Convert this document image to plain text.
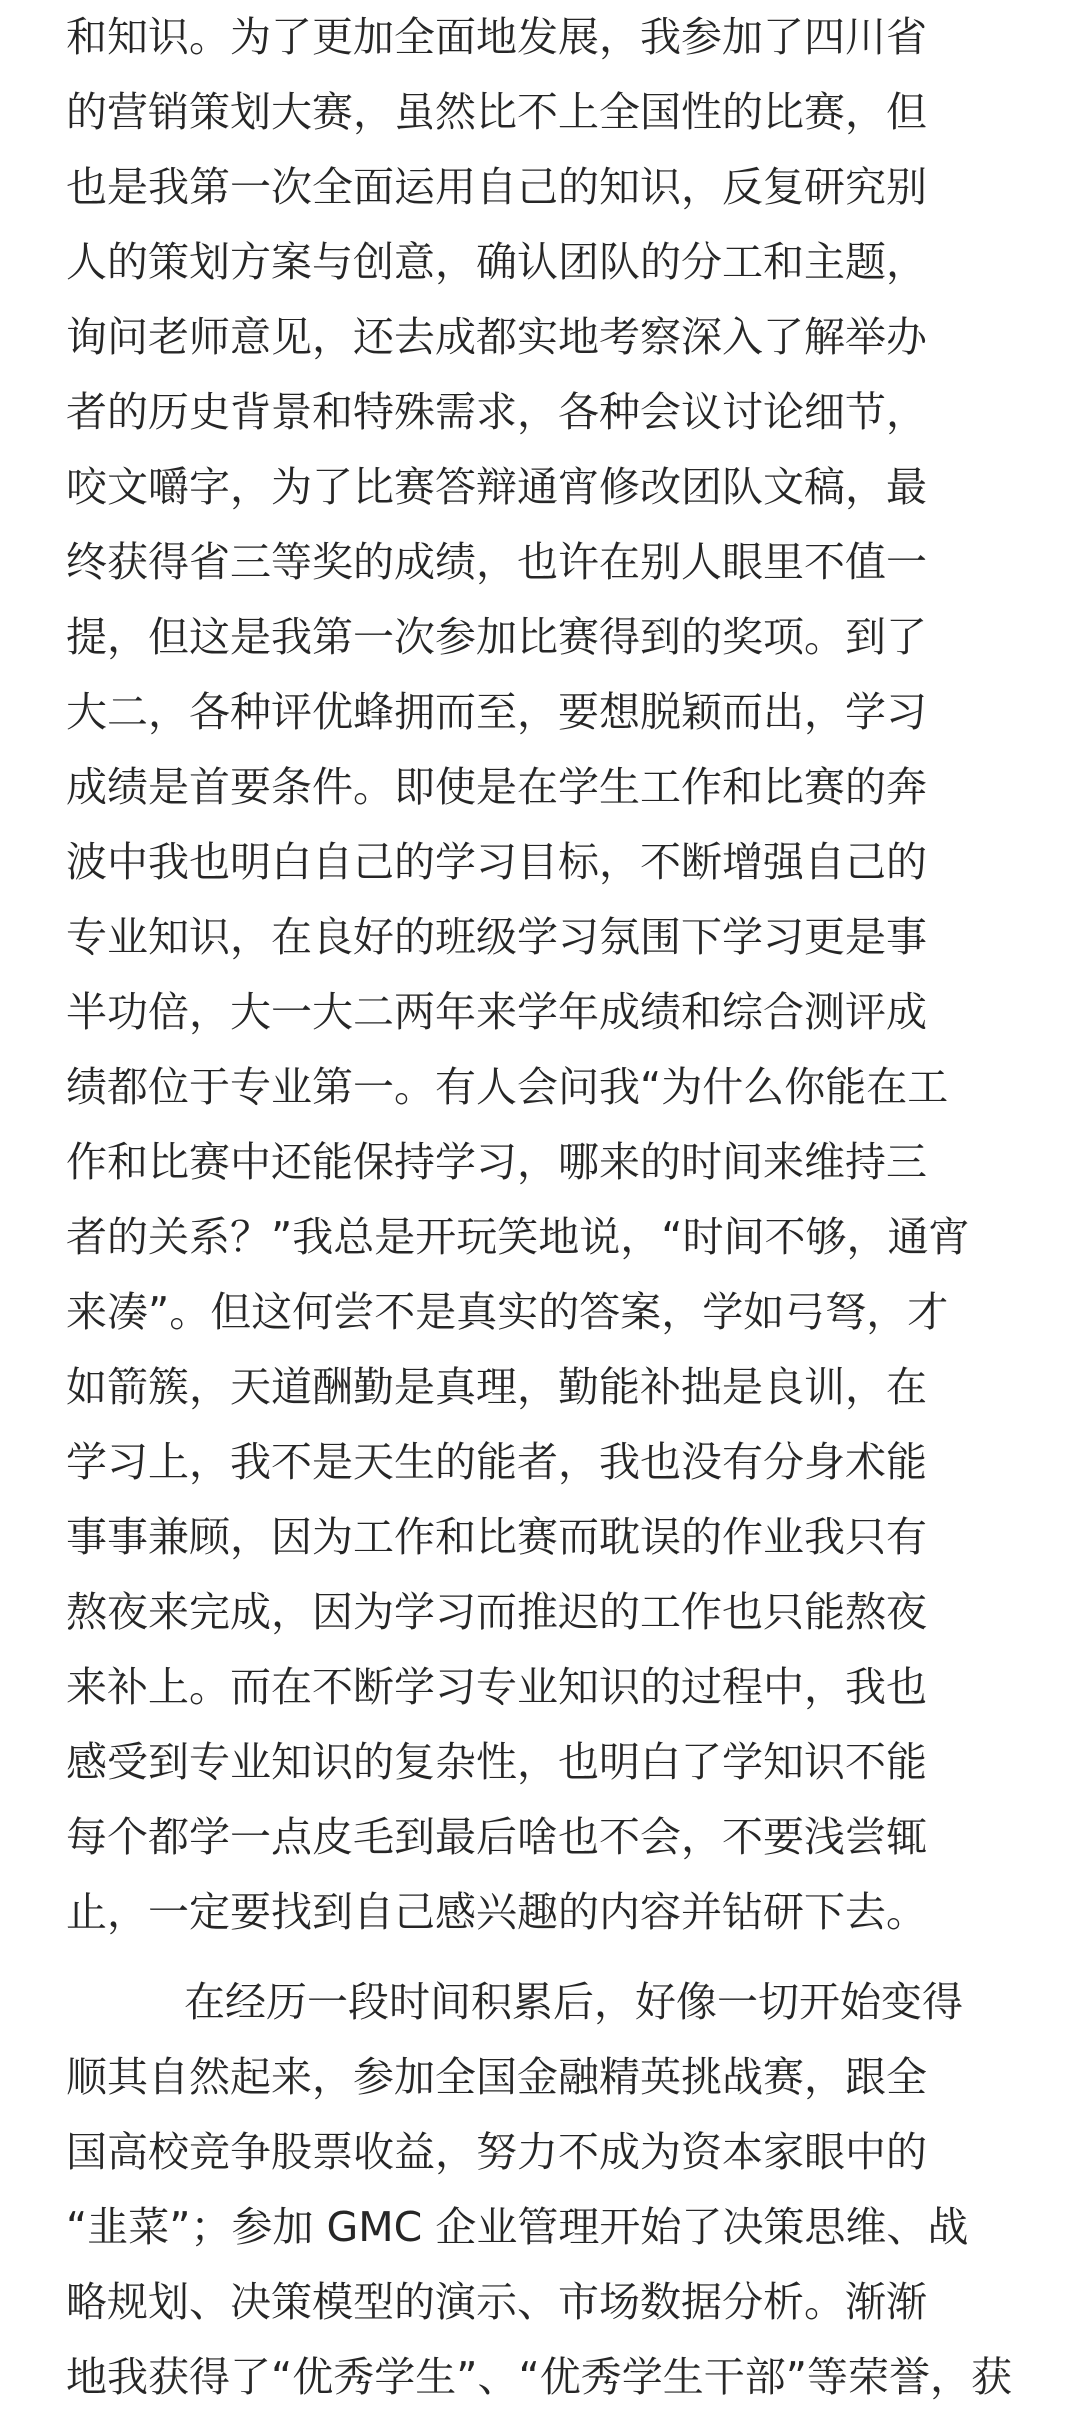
和知识。为了更加全面地发展，我参加了四川省
的营销策划大赛，虽然比不上全国性的比赛，但
也是我第一次全面运用自己的知识，反复研究别
人的策划方案与创意，确认团队的分工和主题，
询问老师意见，还去成都实地考察深入了解举办
者的历史背景和特殊需求，各种会议讨论细节，
咬文嚼字，为了比赛答辩通宵修改团队文稿，最
终获得省三等奖的成绩，也许在别人眼里不值一
提，但这是我第一次参加比赛得到的奖项。到了
大二，各种评优蜂拥而至，要想脱颖而出，学习
成绩是首要条件。即使是在学生工作和比赛的奔
波中我也明白自己的学习目标，不断增强自己的
专业知识，在良好的班级学习氛围下学习更是事
半功倍，大一大二两年来学年成绩和综合测评成
绩都位于专业第一。有人会问我“为什么你能在工
作和比赛中还能保持学习，哪来的时间来维持三
者的关系？”我总是开玩笑地说，“时间不够，通宵
来凑”。但这何尝不是真实的答案，学如弓弩，才
如箭簇，天道酬勤是真理，勤能补拙是良训，在
学习上，我不是天生的能者，我也没有分身术能
事事兼顾，因为工作和比赛而耽误的作业我只有
熬夜来完成，因为学习而推迟的工作也只能熬夜
来补上。而在不断学习专业知识的过程中，我也
感受到专业知识的复杂性，也明白了学知识不能
每个都学一点皮毛到最后啥也不会，不要浅尝辄
止，一定要找到自己感兴趣的内容并钻研下去。
在经历一段时间积累后，好像一切开始变得
顺其自然起来，参加全国金融精英挑战赛，跟全
国高校竞争股票收益，努力不成为资本家眼中的
“韭菜”；参加 GMC 企业管理开始了决策思维、战
略规划、决策模型的演示、市场数据分析。渐渐
地我获得了“优秀学生”、“优秀学生干部”等荣誉，获
